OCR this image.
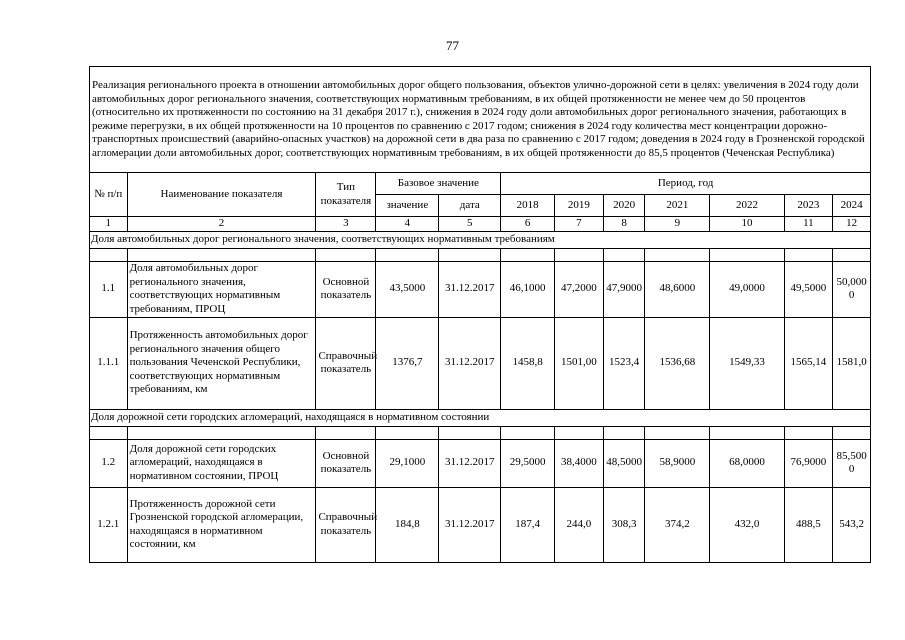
77
Реализация регионального проекта в отношении автомобильных дорог общего пользования, объектов улично-дорожной сети в целях: увеличения в 2024 году доли автомобильных дорог регионального значения, соответствующих нормативным требованиям, в их общей протяженности не менее чем до 50 процентов (относительно их протяженности по состоянию на 31 декабря 2017 г.), снижения в 2024 году доли автомобильных дорог регионального значения, работающих в режиме перегрузки, в их общей протяженности на 10 процентов по сравнению с 2017 годом; снижения в 2024 году количества мест концентрации дорожно-транспортных происшествий (аварийно-опасных участков) на дорожной сети в два раза по сравнению с 2017 годом; доведения в 2024 году в Грозненской городской агломерации доли автомобильных дорог, соответствующих нормативным требованиям, в их общей протяженности до 85,5 процентов (Чеченская Республика)											
№ п/п	Наименование показателя	Тип показателя	Базовое значение		Период, год						
			значение	дата	2018	2019	2020	2021	2022	2023	2024
1	2	3	4	5	6	7	8	9	10	11	12
Доля автомобильных дорог регионального значения, соответствующих нормативным требованиям											

1.1	Доля автомобильных дорог регионального значения, соответствующих нормативным требованиям, ПРОЦ	Основной показатель	43,5000	31.12.2017	46,1000	47,2000	47,9000	48,6000	49,0000	49,5000	50,0000
1.1.1	Протяженность автомобильных дорог регионального значения общего пользования Чеченской Республики, соответствующих нормативным требованиям, км	Справочный показатель	1376,7	31.12.2017	1458,8	1501,00	1523,4	1536,68	1549,33	1565,14	1581,0
Доля дорожной сети городских агломераций, находящаяся в нормативном состоянии											

1.2	Доля дорожной сети городских агломераций, находящаяся в нормативном состоянии, ПРОЦ	Основной показатель	29,1000	31.12.2017	29,5000	38,4000	48,5000	58,9000	68,0000	76,9000	85,5000
1.2.1	Протяженность дорожной сети Грозненской городской агломерации, находящаяся в нормативном состоянии, км	Справочный показатель	184,8	31.12.2017	187,4	244,0	308,3	374,2	432,0	488,5	543,2
